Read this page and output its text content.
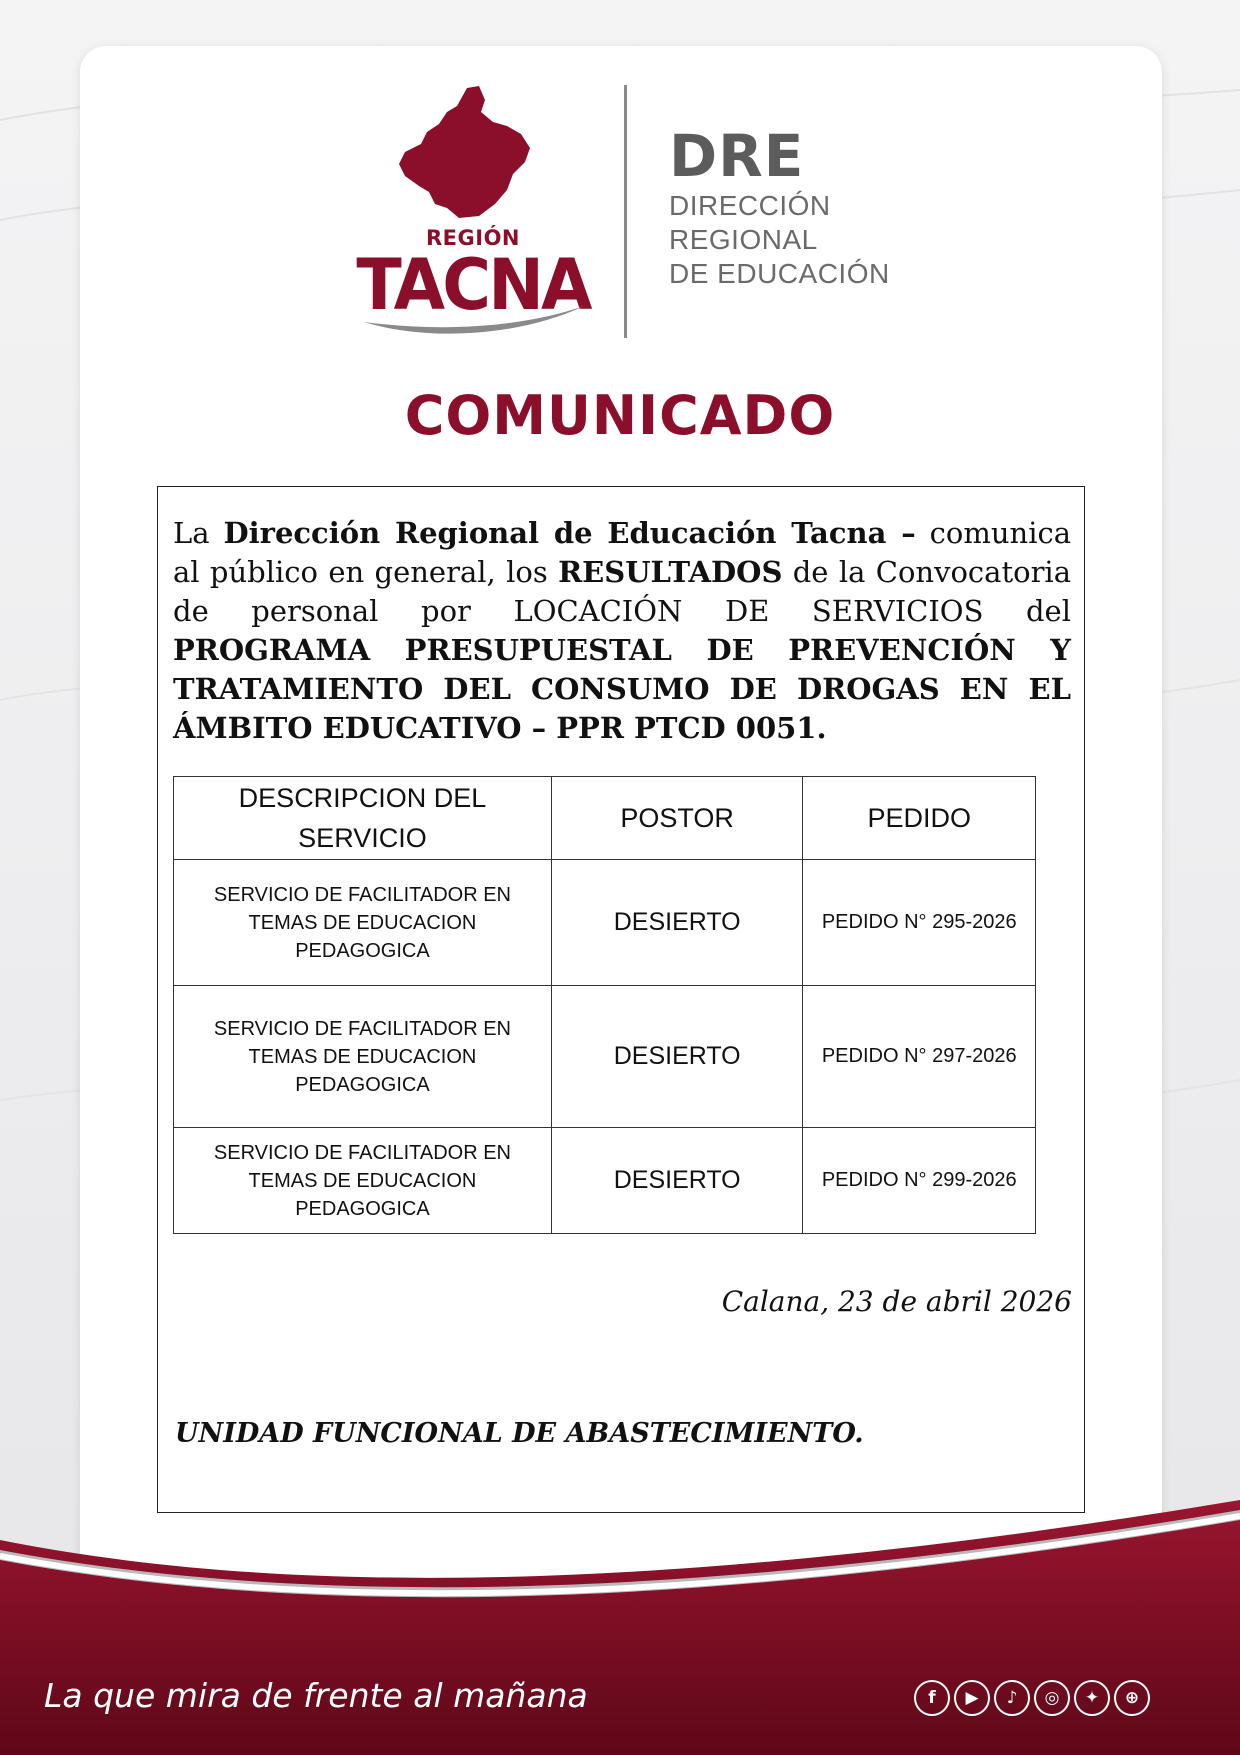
REGIÓN
TACNA
DRE
DIRECCIÓN
REGIONAL
DE EDUCACIÓN
COMUNICADO
La Dirección Regional de Educación Tacna – comunica al público en general, los RESULTADOS de la Convocatoria de personal por LOCACIÓN DE SERVICIOS del PROGRAMA PRESUPUESTAL DE PREVENCIÓN Y TRATAMIENTO DEL CONSUMO DE DROGAS EN EL ÁMBITO EDUCATIVO – PPR PTCD 0051.
DESCRIPCION DEL SERVICIO	POSTOR	PEDIDO

SERVICIO DE FACILITADOR EN TEMAS DE EDUCACION PEDAGOGICA	DESIERTO	PEDIDO N° 295-2026

SERVICIO DE FACILITADOR EN TEMAS DE EDUCACION PEDAGOGICA	DESIERTO	PEDIDO N° 297-2026

SERVICIO DE FACILITADOR EN TEMAS DE EDUCACION PEDAGOGICA	DESIERTO	PEDIDO N° 299-2026
Calana, 23 de abril 2026
UNIDAD FUNCIONAL DE ABASTECIMIENTO.
La que mira de frente al mañana	f	▶	♪	◎	✦	⊕
